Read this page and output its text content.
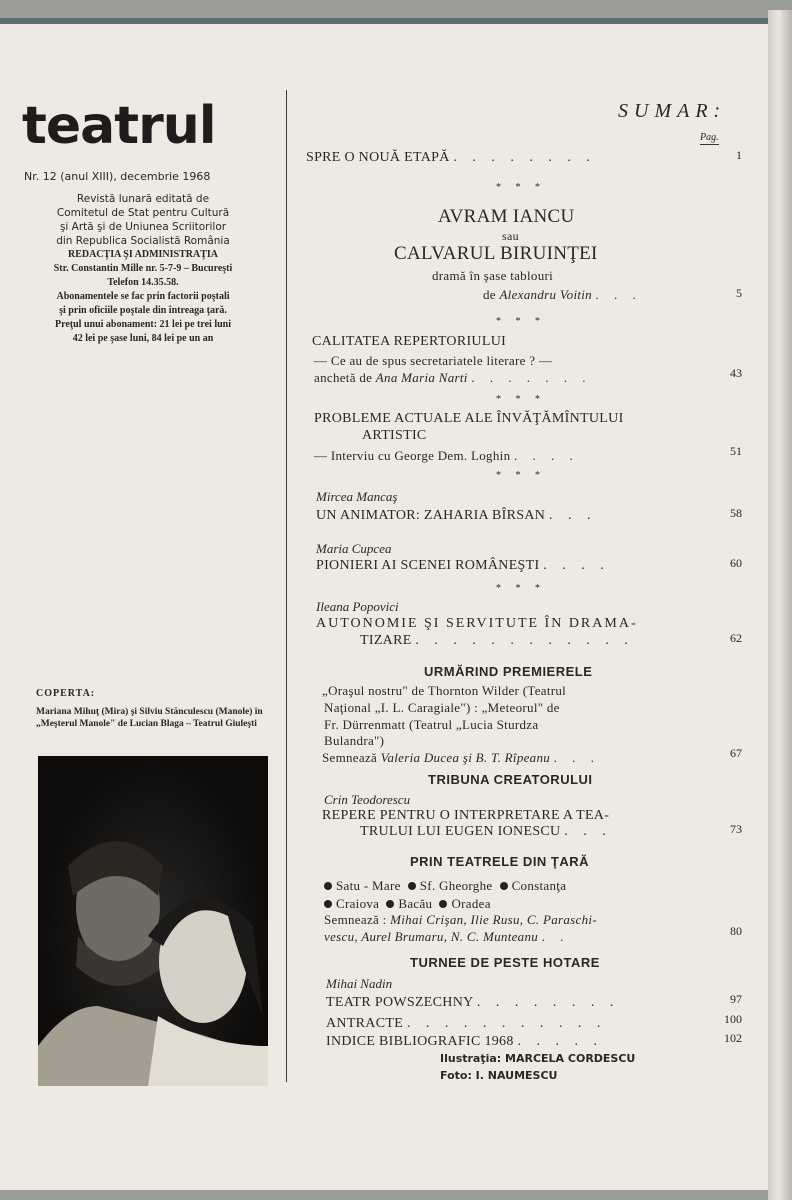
teatrul
Nr. 12 (anul XIII), decembrie 1968
Revistă lunară editată de
Comitetul de Stat pentru Cultură
şi Artă şi de Uniunea Scriitorilor
din Republica Socialistă România
REDACŢIA ŞI ADMINISTRAŢIA
Str. Constantin Mille nr. 5-7-9 – Bucureşti
Telefon 14.35.58.
Abonamentele se fac prin factorii poştali
şi prin oficiile poştale din întreaga ţară.
Preţul unui abonament: 21 lei pe trei luni
42 lei pe şase luni, 84 lei pe un an
COPERTA:
Mariana Mihuţ (Mira) şi Silviu Stănculescu (Manole) în „Meşterul Manole" de Lucian Blaga – Teatrul Giuleşti
SUMAR:
Pag.
SPRE O NOUĂ ETAPĂ . . . . . . . .	1
* * *
AVRAM IANCU
sau
CALVARUL BIRUINŢEI
dramă în şase tablouri
de Alexandru Voitin . . .	5
* * *
CALITATEA REPERTORIULUI
— Ce au de spus secretariatele literare ? —
anchetă de Ana Maria Narti . . . . . . .	43
* * *
PROBLEME ACTUALE ALE ÎNVĂŢĂMÎNTULUI
ARTISTIC
— Interviu cu George Dem. Loghin . . . .	51
* * *
Mircea Mancaş
UN ANIMATOR: ZAHARIA BÎRSAN . . .	58
Maria Cupcea
PIONIERI AI SCENEI ROMÂNEŞTI . . . .	60
* * *
Ileana Popovici
AUTONOMIE ŞI SERVITUTE ÎN DRAMA-
TIZARE . . . . . . . . . . . .	62
URMĂRIND PREMIERELE
„Oraşul nostru" de Thornton Wilder (Teatrul
Naţional „I. L. Caragiale") : „Meteorul" de
Fr. Dürrenmatt (Teatrul „Lucia Sturdza
Bulandra")
Semnează Valeria Ducea şi B. T. Rîpeanu . . .	67
TRIBUNA CREATORULUI
Crin Teodorescu
REPERE PENTRU O INTERPRETARE A TEA-
TRULUI LUI EUGEN IONESCU . . .	73
PRIN TEATRELE DIN ŢARĂ
Satu - Mare Sf. Gheorghe Constanţa
Craiova Bacău Oradea
Semnează : Mihai Crişan, Ilie Rusu, C. Paraschi-
vescu, Aurel Brumaru, N. C. Munteanu . .	80
TURNEE DE PESTE HOTARE
Mihai Nadin
TEATR POWSZECHNY . . . . . . . .	97
ANTRACTE . . . . . . . . . . .	100
INDICE BIBLIOGRAFIC 1968 . . . . .	102
Ilustraţia: MARCELA CORDESCU
Foto: I. NAUMESCU
